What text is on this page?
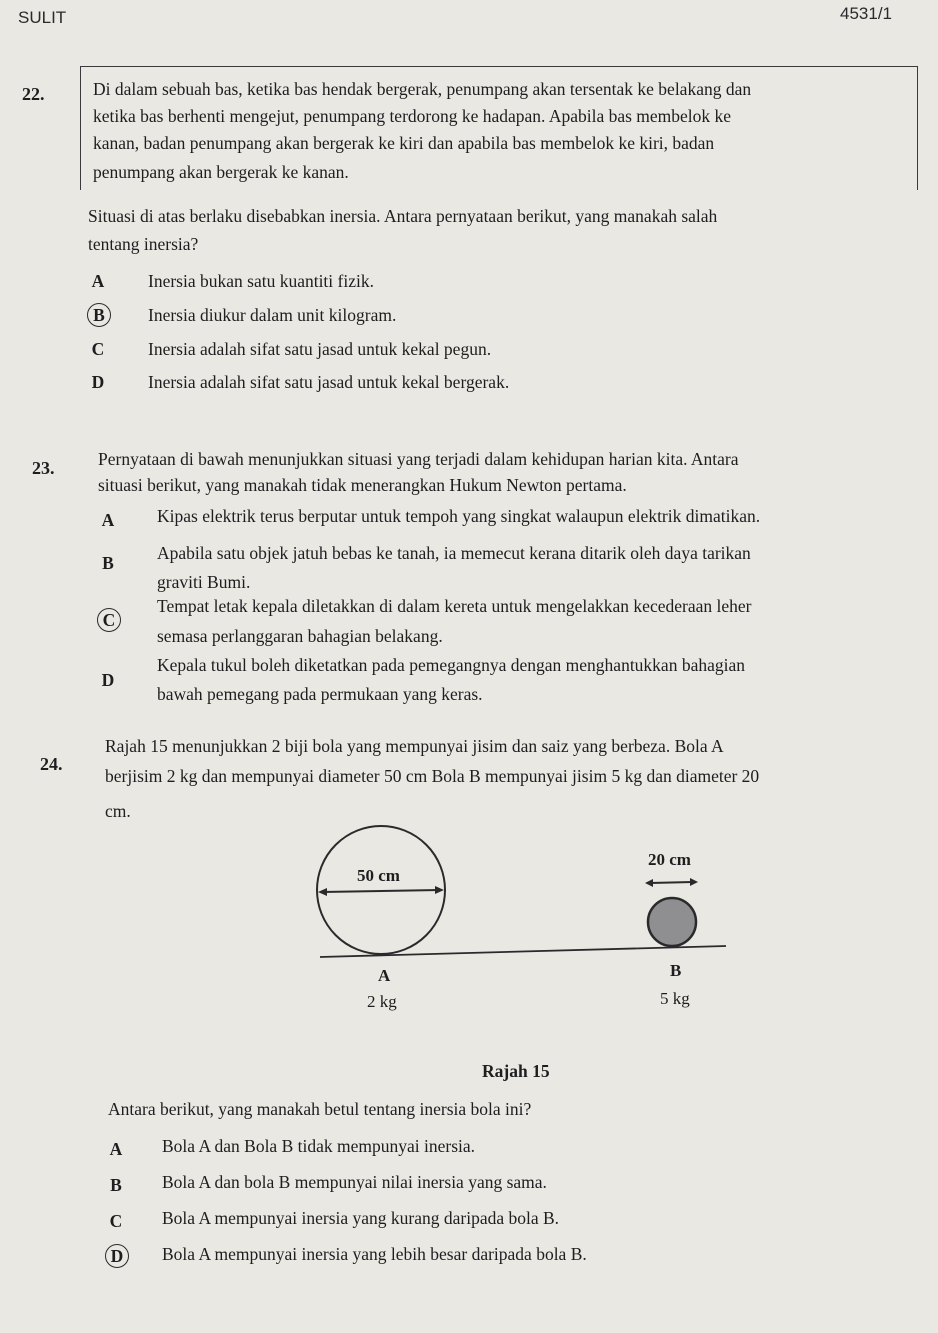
SULIT	4531/1
22.	Di dalam sebuah bas, ketika bas hendak bergerak, penumpang akan tersentak ke belakang dan

ketika bas berhenti mengejut, penumpang terdorong ke hadapan. Apabila bas membelok ke

kanan, badan penumpang akan bergerak ke kiri dan apabila bas membelok ke kiri, badan

penumpang akan bergerak ke kanan.

Situasi di atas berlaku disebabkan inersia. Antara pernyataan berikut, yang manakah salah
tentang inersia?
A	Inersia bukan satu kuantiti fizik.
B	Inersia diukur dalam unit kilogram.
C	Inersia adalah sifat satu jasad untuk kekal pegun.
D	Inersia adalah sifat satu jasad untuk kekal bergerak.
23. Pernyataan di bawah menunjukkan situasi yang terjadi dalam kehidupan harian kita. Antara
situasi berikut, yang manakah tidak menerangkan Hukum Newton pertama.
A	Kipas elektrik terus berputar untuk tempoh yang singkat walaupun elektrik dimatikan.
B	Apabila satu objek jatuh bebas ke tanah, ia memecut kerana ditarik oleh daya tarikan
graviti Bumi.
C
Tempat letak kepala diletakkan di dalam kereta untuk mengelakkan kecederaan leher
semasa perlanggaran bahagian belakang.
D
Kepala tukul boleh diketatkan pada pemegangnya dengan menghantukkan bahagian
bawah pemegang pada permukaan yang keras.
24.
Rajah 15 menunjukkan 2 biji bola yang mempunyai jisim dan saiz yang berbeza. Bola A
berjisim 2 kg dan mempunyai diameter 50 cm Bola B mempunyai jisim 5 kg dan diameter 20
cm.
50 cm
20 cm
A
2 kg
B
5 kg
Rajah 15
Antara berikut, yang manakah betul tentang inersia bola ini?
A	Bola A dan Bola B tidak mempunyai inersia.
B	Bola A dan bola B mempunyai nilai inersia yang sama.
C	Bola A mempunyai inersia yang kurang daripada bola B.
D	Bola A mempunyai inersia yang lebih besar daripada bola B.
